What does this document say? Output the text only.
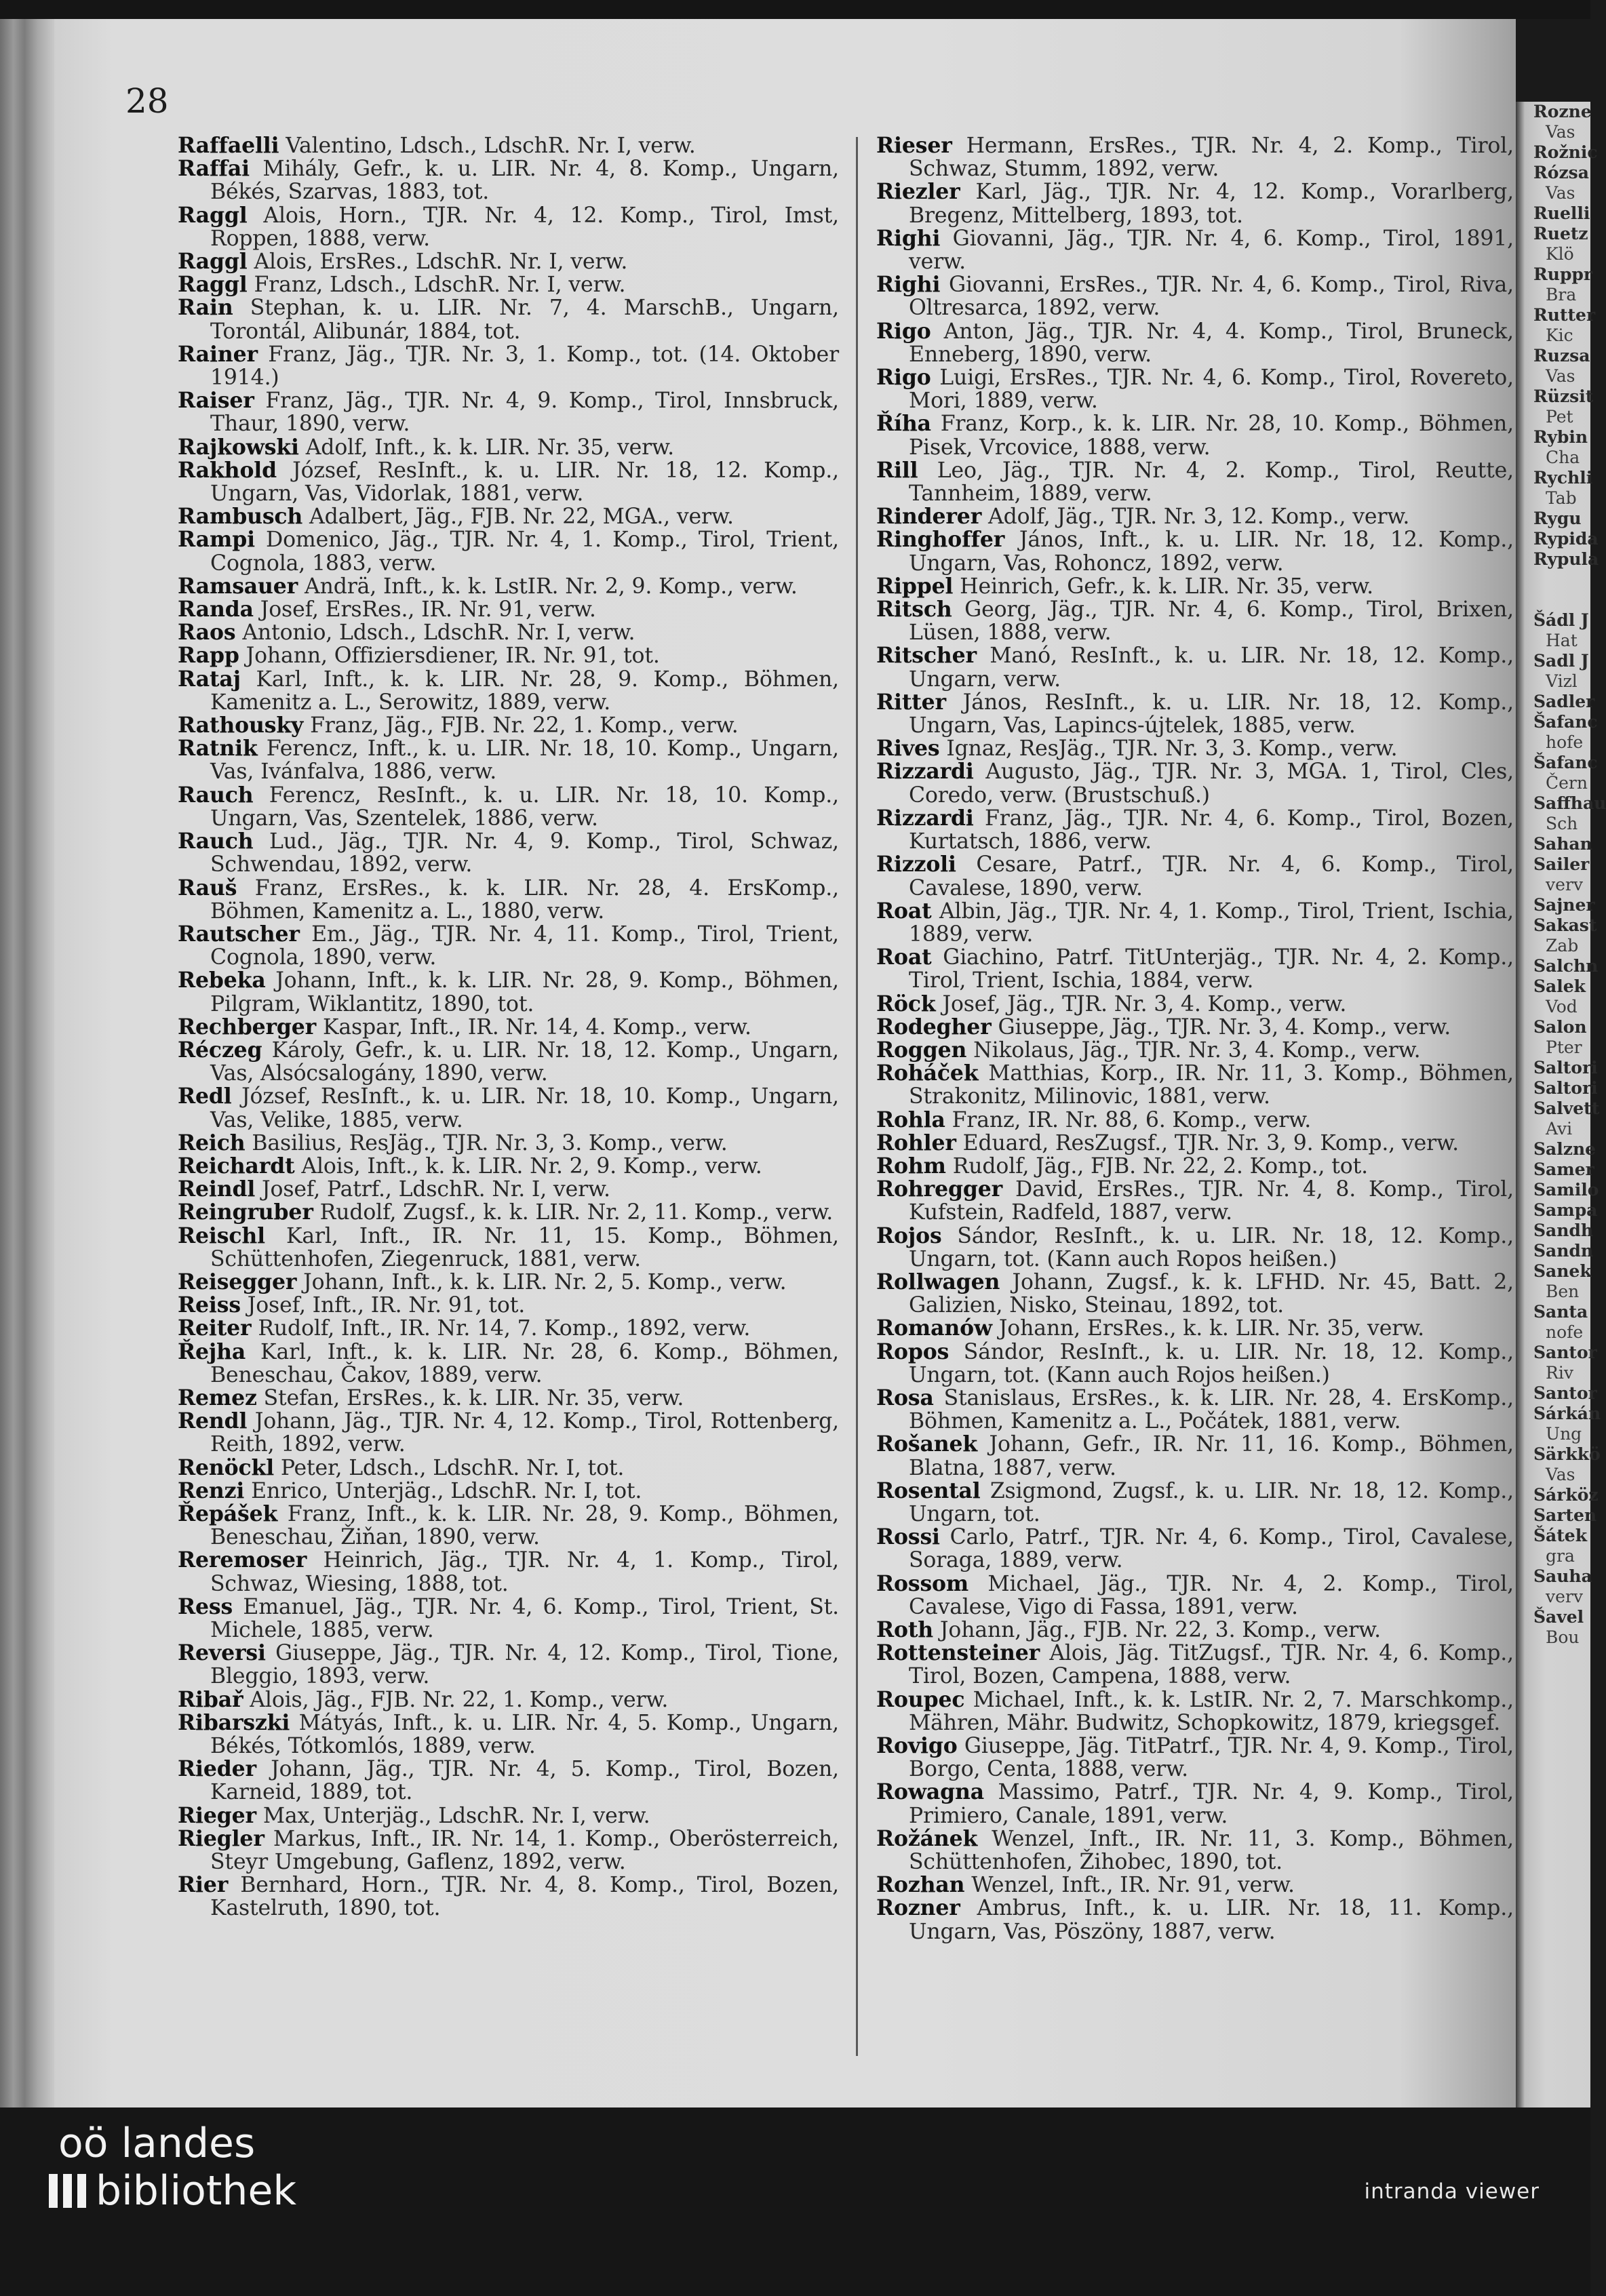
28
Raffaelli Valentino, Ldsch., LdschR. Nr. I, verw.
Raffai Mihály, Gefr., k. u. LIR. Nr. 4, 8. Komp., Ungarn, Békés, Szarvas, 1883, tot.
Raggl Alois, Horn., TJR. Nr. 4, 12. Komp., Tirol, Imst, Roppen, 1888, verw.
Raggl Alois, ErsRes., LdschR. Nr. I, verw.
Raggl Franz, Ldsch., LdschR. Nr. I, verw.
Rain Stephan, k. u. LIR. Nr. 7, 4. MarschB., Ungarn, Torontál, Alibunár, 1884, tot.
Rainer Franz, Jäg., TJR. Nr. 3, 1. Komp., tot. (14. Oktober 1914.)
Raiser Franz, Jäg., TJR. Nr. 4, 9. Komp., Tirol, Innsbruck, Thaur, 1890, verw.
Rajkowski Adolf, Inft., k. k. LIR. Nr. 35, verw.
Rakhold József, ResInft., k. u. LIR. Nr. 18, 12. Komp., Ungarn, Vas, Vidorlak, 1881, verw.
Rambusch Adalbert, Jäg., FJB. Nr. 22, MGA., verw.
Rampi Domenico, Jäg., TJR. Nr. 4, 1. Komp., Tirol, Trient, Cognola, 1883, verw.
Ramsauer Andrä, Inft., k. k. LstIR. Nr. 2, 9. Komp., verw.
Randa Josef, ErsRes., IR. Nr. 91, verw.
Raos Antonio, Ldsch., LdschR. Nr. I, verw.
Rapp Johann, Offiziersdiener, IR. Nr. 91, tot.
Rataj Karl, Inft., k. k. LIR. Nr. 28, 9. Komp., Böhmen, Kamenitz a. L., Serowitz, 1889, verw.
Rathousky Franz, Jäg., FJB. Nr. 22, 1. Komp., verw.
Ratnik Ferencz, Inft., k. u. LIR. Nr. 18, 10. Komp., Ungarn, Vas, Ivánfalva, 1886, verw.
Rauch Ferencz, ResInft., k. u. LIR. Nr. 18, 10. Komp., Ungarn, Vas, Szentelek, 1886, verw.
Rauch Lud., Jäg., TJR. Nr. 4, 9. Komp., Tirol, Schwaz, Schwendau, 1892, verw.
Rauš Franz, ErsRes., k. k. LIR. Nr. 28, 4. ErsKomp., Böhmen, Kamenitz a. L., 1880, verw.
Rautscher Em., Jäg., TJR. Nr. 4, 11. Komp., Tirol, Trient, Cognola, 1890, verw.
Rebeka Johann, Inft., k. k. LIR. Nr. 28, 9. Komp., Böhmen, Pilgram, Wiklantitz, 1890, tot.
Rechberger Kaspar, Inft., IR. Nr. 14, 4. Komp., verw.
Réczeg Károly, Gefr., k. u. LIR. Nr. 18, 12. Komp., Ungarn, Vas, Alsócsalogány, 1890, verw.
Redl József, ResInft., k. u. LIR. Nr. 18, 10. Komp., Ungarn, Vas, Velike, 1885, verw.
Reich Basilius, ResJäg., TJR. Nr. 3, 3. Komp., verw.
Reichardt Alois, Inft., k. k. LIR. Nr. 2, 9. Komp., verw.
Reindl Josef, Patrf., LdschR. Nr. I, verw.
Reingruber Rudolf, Zugsf., k. k. LIR. Nr. 2, 11. Komp., verw.
Reischl Karl, Inft., IR. Nr. 11, 15. Komp., Böhmen, Schüttenhofen, Ziegenruck, 1881, verw.
Reisegger Johann, Inft., k. k. LIR. Nr. 2, 5. Komp., verw.
Reiss Josef, Inft., IR. Nr. 91, tot.
Reiter Rudolf, Inft., IR. Nr. 14, 7. Komp., 1892, verw.
Řejha Karl, Inft., k. k. LIR. Nr. 28, 6. Komp., Böhmen, Beneschau, Čakov, 1889, verw.
Remez Stefan, ErsRes., k. k. LIR. Nr. 35, verw.
Rendl Johann, Jäg., TJR. Nr. 4, 12. Komp., Tirol, Rottenberg, Reith, 1892, verw.
Renöckl Peter, Ldsch., LdschR. Nr. I, tot.
Renzi Enrico, Unterjäg., LdschR. Nr. I, tot.
Řepášek Franz, Inft., k. k. LIR. Nr. 28, 9. Komp., Böhmen, Beneschau, Žiňan, 1890, verw.
Reremoser Heinrich, Jäg., TJR. Nr. 4, 1. Komp., Tirol, Schwaz, Wiesing, 1888, tot.
Ress Emanuel, Jäg., TJR. Nr. 4, 6. Komp., Tirol, Trient, St. Michele, 1885, verw.
Reversi Giuseppe, Jäg., TJR. Nr. 4, 12. Komp., Tirol, Tione, Bleggio, 1893, verw.
Ribař Alois, Jäg., FJB. Nr. 22, 1. Komp., verw.
Ribarszki Mátyás, Inft., k. u. LIR. Nr. 4, 5. Komp., Ungarn, Békés, Tótkomlós, 1889, verw.
Rieder Johann, Jäg., TJR. Nr. 4, 5. Komp., Tirol, Bozen, Karneid, 1889, tot.
Rieger Max, Unterjäg., LdschR. Nr. I, verw.
Riegler Markus, Inft., IR. Nr. 14, 1. Komp., Oberösterreich, Steyr Umgebung, Gaflenz, 1892, verw.
Rier Bernhard, Horn., TJR. Nr. 4, 8. Komp., Tirol, Bozen, Kastelruth, 1890, tot.
Rieser Hermann, ErsRes., TJR. Nr. 4, 2. Komp., Tirol, Schwaz, Stumm, 1892, verw.
Riezler Karl, Jäg., TJR. Nr. 4, 12. Komp., Vorarlberg, Bregenz, Mittelberg, 1893, tot.
Righi Giovanni, Jäg., TJR. Nr. 4, 6. Komp., Tirol, 1891, verw.
Righi Giovanni, ErsRes., TJR. Nr. 4, 6. Komp., Tirol, Riva, Oltresarca, 1892, verw.
Rigo Anton, Jäg., TJR. Nr. 4, 4. Komp., Tirol, Bruneck, Enneberg, 1890, verw.
Rigo Luigi, ErsRes., TJR. Nr. 4, 6. Komp., Tirol, Rovereto, Mori, 1889, verw.
Říha Franz, Korp., k. k. LIR. Nr. 28, 10. Komp., Böhmen, Pisek, Vrcovice, 1888, verw.
Rill Leo, Jäg., TJR. Nr. 4, 2. Komp., Tirol, Reutte, Tannheim, 1889, verw.
Rinderer Adolf, Jäg., TJR. Nr. 3, 12. Komp., verw.
Ringhoffer János, Inft., k. u. LIR. Nr. 18, 12. Komp., Ungarn, Vas, Rohoncz, 1892, verw.
Rippel Heinrich, Gefr., k. k. LIR. Nr. 35, verw.
Ritsch Georg, Jäg., TJR. Nr. 4, 6. Komp., Tirol, Brixen, Lüsen, 1888, verw.
Ritscher Manó, ResInft., k. u. LIR. Nr. 18, 12. Komp., Ungarn, verw.
Ritter János, ResInft., k. u. LIR. Nr. 18, 12. Komp., Ungarn, Vas, Lapincs-újtelek, 1885, verw.
Rives Ignaz, ResJäg., TJR. Nr. 3, 3. Komp., verw.
Rizzardi Augusto, Jäg., TJR. Nr. 3, MGA. 1, Tirol, Cles, Coredo, verw. (Brustschuß.)
Rizzardi Franz, Jäg., TJR. Nr. 4, 6. Komp., Tirol, Bozen, Kurtatsch, 1886, verw.
Rizzoli Cesare, Patrf., TJR. Nr. 4, 6. Komp., Tirol, Cavalese, 1890, verw.
Roat Albin, Jäg., TJR. Nr. 4, 1. Komp., Tirol, Trient, Ischia, 1889, verw.
Roat Giachino, Patrf. TitUnterjäg., TJR. Nr. 4, 2. Komp., Tirol, Trient, Ischia, 1884, verw.
Röck Josef, Jäg., TJR. Nr. 3, 4. Komp., verw.
Rodegher Giuseppe, Jäg., TJR. Nr. 3, 4. Komp., verw.
Roggen Nikolaus, Jäg., TJR. Nr. 3, 4. Komp., verw.
Roháček Matthias, Korp., IR. Nr. 11, 3. Komp., Böhmen, Strakonitz, Milinovic, 1881, verw.
Rohla Franz, IR. Nr. 88, 6. Komp., verw.
Rohler Eduard, ResZugsf., TJR. Nr. 3, 9. Komp., verw.
Rohm Rudolf, Jäg., FJB. Nr. 22, 2. Komp., tot.
Rohregger David, ErsRes., TJR. Nr. 4, 8. Komp., Tirol, Kufstein, Radfeld, 1887, verw.
Rojos Sándor, ResInft., k. u. LIR. Nr. 18, 12. Komp., Ungarn, tot. (Kann auch Ropos heißen.)
Rollwagen Johann, Zugsf., k. k. LFHD. Nr. 45, Batt. 2, Galizien, Nisko, Steinau, 1892, tot.
Romanów Johann, ErsRes., k. k. LIR. Nr. 35, verw.
Ropos Sándor, ResInft., k. u. LIR. Nr. 18, 12. Komp., Ungarn, tot. (Kann auch Rojos heißen.)
Rosa Stanislaus, ErsRes., k. k. LIR. Nr. 28, 4. ErsKomp., Böhmen, Kamenitz a. L., Počátek, 1881, verw.
Rošanek Johann, Gefr., IR. Nr. 11, 16. Komp., Böhmen, Blatna, 1887, verw.
Rosental Zsigmond, Zugsf., k. u. LIR. Nr. 18, 12. Komp., Ungarn, tot.
Rossi Carlo, Patrf., TJR. Nr. 4, 6. Komp., Tirol, Cavalese, Soraga, 1889, verw.
Rossom Michael, Jäg., TJR. Nr. 4, 2. Komp., Tirol, Cavalese, Vigo di Fassa, 1891, verw.
Roth Johann, Jäg., FJB. Nr. 22, 3. Komp., verw.
Rottensteiner Alois, Jäg. TitZugsf., TJR. Nr. 4, 6. Komp., Tirol, Bozen, Campena, 1888, verw.
Roupec Michael, Inft., k. k. LstIR. Nr. 2, 7. Marschkomp., Mähren, Mähr. Budwitz, Schopkowitz, 1879, kriegsgef.
Rovigo Giuseppe, Jäg. TitPatrf., TJR. Nr. 4, 9. Komp., Tirol, Borgo, Centa, 1888, verw.
Rowagna Massimo, Patrf., TJR. Nr. 4, 9. Komp., Tirol, Primiero, Canale, 1891, verw.
Rožánek Wenzel, Inft., IR. Nr. 11, 3. Komp., Böhmen, Schüttenhofen, Žihobec, 1890, tot.
Rozhan Wenzel, Inft., IR. Nr. 91, verw.
Rozner Ambrus, Inft., k. u. LIR. Nr. 18, 11. Komp., Ungarn, Vas, Pöszöny, 1887, verw.
Rozne
Vas
Rožnic
Rózsa
Vas
Ruelli
Ruetz
Klö
Ruppr
Bra
Rutter
Kic
Ruzsa
Vas
Rüzsit
Pet
Rybin
Cha
Rychli
Tab
Rygu
Rypida
Rypula
Šádl J
Hat
Sadl J
Vizl
Sadler
Šafanc
hofe
Šafanc
Čern
Saffhau
Sch
Sahan
Sailer
verv
Sajner
Sakast
Zab
Salchn
Salek
Vod
Salon
Pter
Saltori
Saltori
Salvett
Avi
Salzne
Samer
Samilo
Sampa
Sandh
Sandn
Sanek
Ben
Santa
nofe
Santor
Riv
Santor
Sárkán
Ung
Särkkö
Vas
Sárköz
Sarten
Šátek
gra
Sauha
verv
Šavel
Bou
oö landes
bibliothek	intranda viewer
